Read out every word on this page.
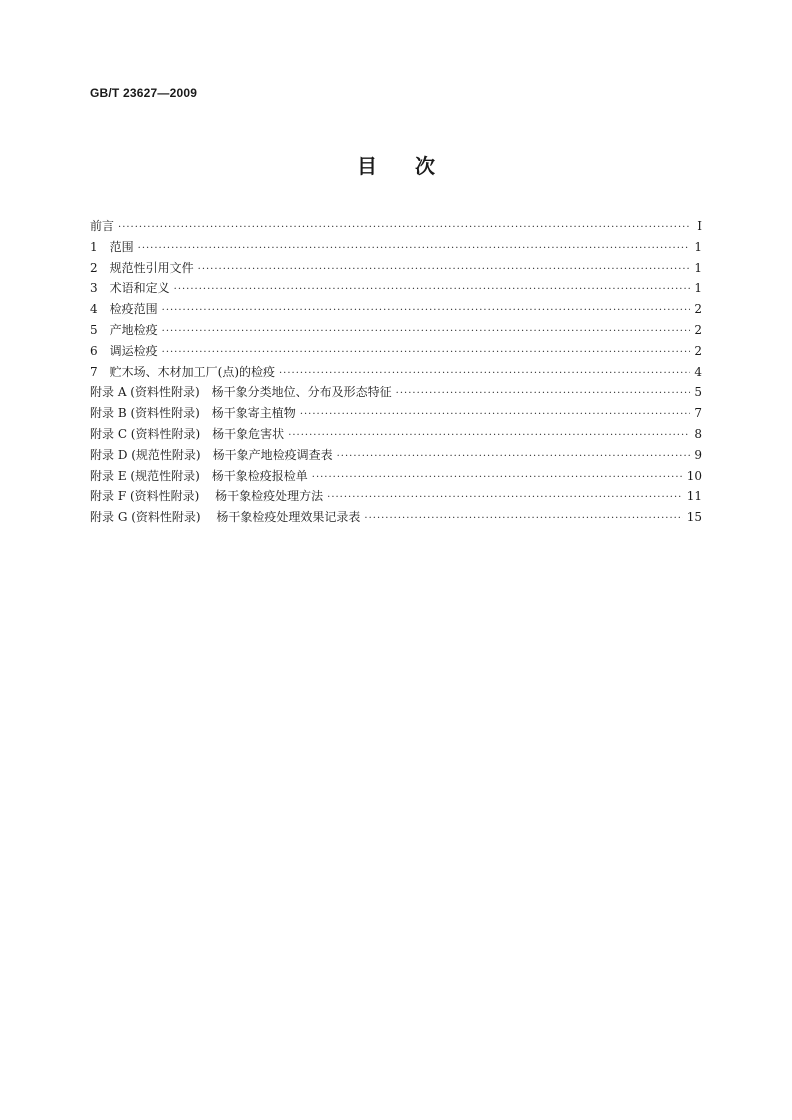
GB/T 23627—2009
目次
前言 ·····	Ⅰ
1　范围 ·····	1
2　规范性引用文件 ·····	1
3　术语和定义 ·····	1
4　检疫范围 ·····	2
5　产地检疫 ·····	2
6　调运检疫 ·····	2
7　贮木场、木材加工厂(点)的检疫 ·····	4
附录 A (资料性附录)　杨干象分类地位、分布及形态特征 ·····	5
附录 B (资料性附录)　杨干象寄主植物 ·····	7
附录 C (资料性附录)　杨干象危害状 ·····	8
附录 D (规范性附录)　杨干象产地检疫调查表 ·····	9
附录 E (规范性附录)　杨干象检疫报检单 ·····	10
附录 F (资料性附录)　 杨干象检疫处理方法 ·····	11
附录 G (资料性附录)　 杨干象检疫处理效果记录表 ·····	15
